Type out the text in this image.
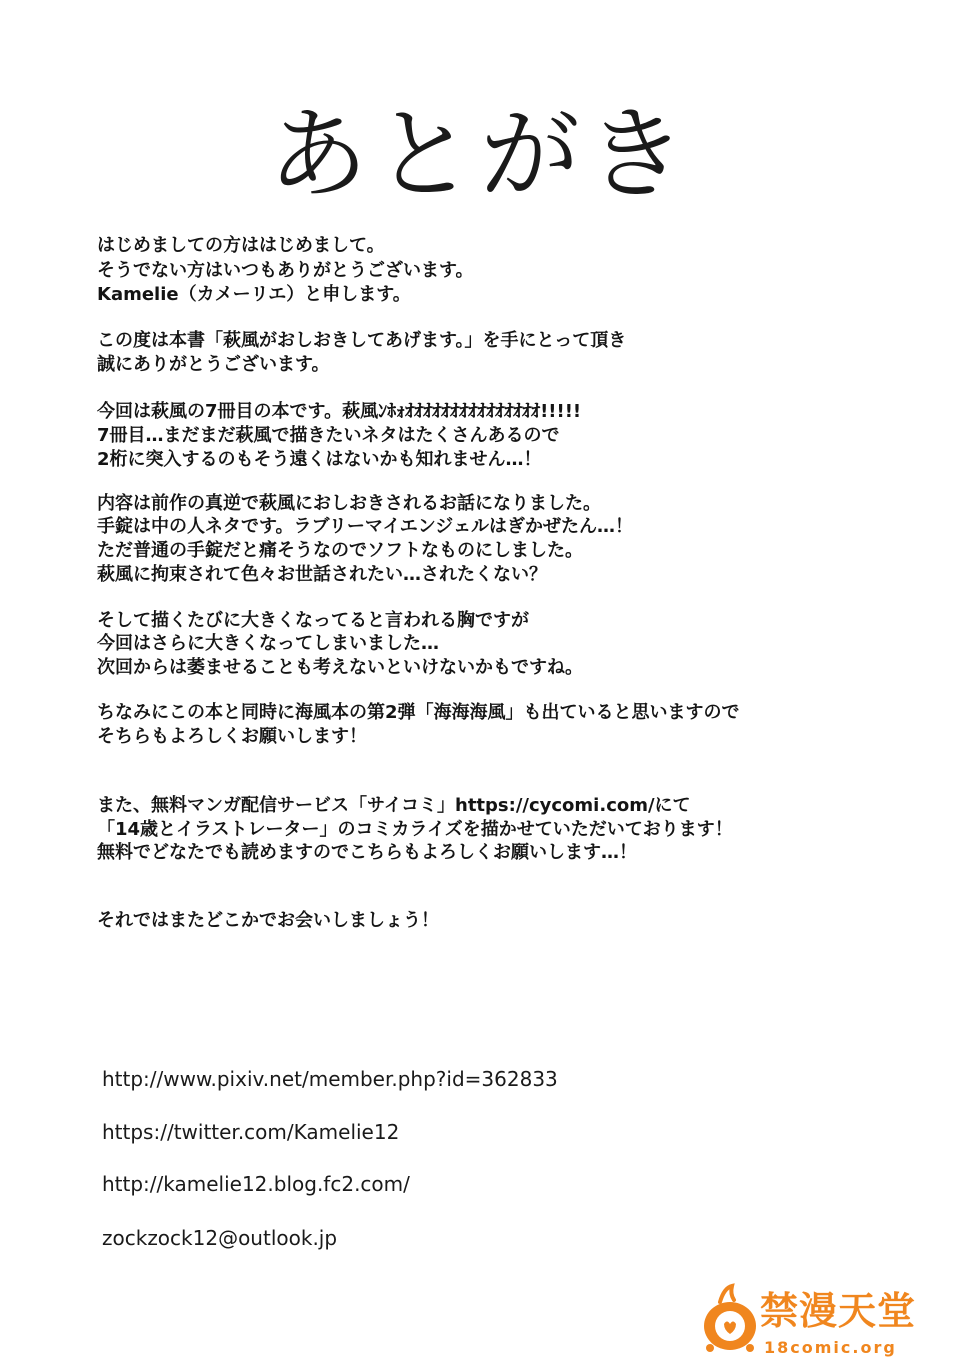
あとがき
はじめましての方ははじめまして。
そうでない方はいつもありがとうございます。
Kamelie（カメーリエ）と申します。
この度は本書「萩風がおしおきしてあげます。」を手にとって頂き
誠にありがとうございます。
今回は萩風の7冊目の本です。萩風ﾝﾎｫｵｵｵｵｵｵｵｵｵｵｵｵｵｵｵ!!!!!
7冊目…まだまだ萩風で描きたいネタはたくさんあるので
2桁に突入するのもそう遠くはないかも知れません…！
内容は前作の真逆で萩風におしおきされるお話になりました。
手錠は中の人ネタです。ラブリーマイエンジェルはぎかぜたん…！
ただ普通の手錠だと痛そうなのでソフトなものにしました。
萩風に拘束されて色々お世話されたい…されたくない？
そして描くたびに大きくなってると言われる胸ですが
今回はさらに大きくなってしまいました…
次回からは萎ませることも考えないといけないかもですね。
ちなみにこの本と同時に海風本の第2弾「海海海風」も出ていると思いますので
そちらもよろしくお願いします！
また、無料マンガ配信サービス「サイコミ」https://cycomi.com/にて
「14歳とイラストレーター」のコミカライズを描かせていただいております！
無料でどなたでも読めますのでこちらもよろしくお願いします…！
それではまたどこかでお会いしましょう！
http://www.pixiv.net/member.php?id=362833
https://twitter.com/Kamelie12
http://kamelie12.blog.fc2.com/
zockzock12@outlook.jp
禁漫天堂
18comic.org
